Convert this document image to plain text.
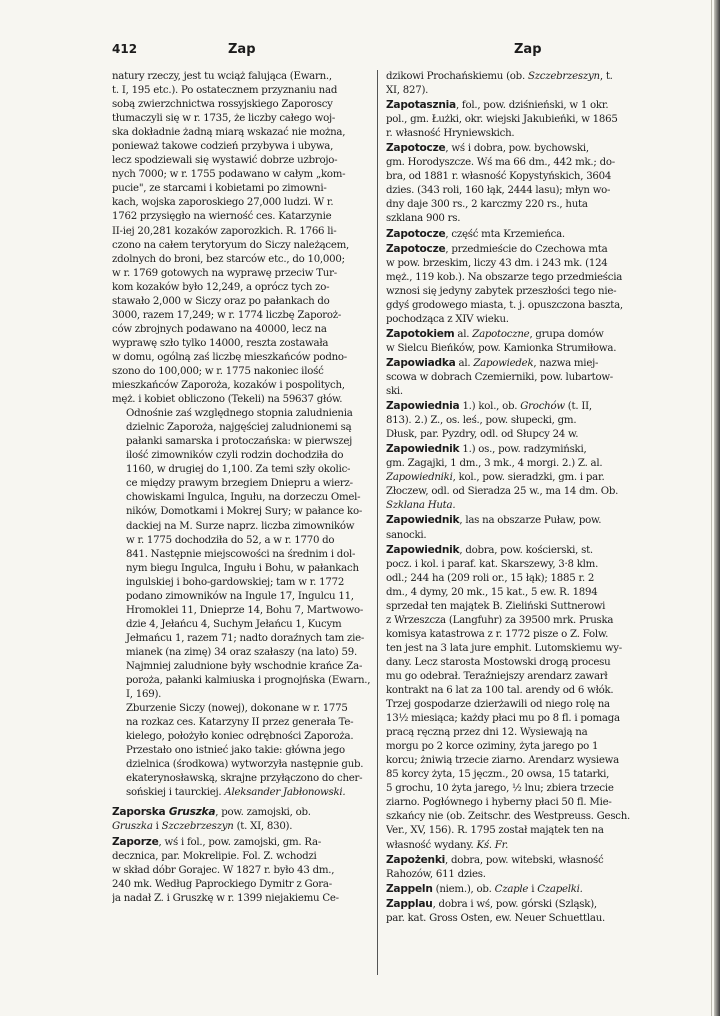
412	Zap	Zap

natury rzeczy, jest tu wciąż falująca (Ewarn.,
t. I, 195 etc.). Po ostatecznem przyznaniu nad
sobą zwierzchnictwa rossyjskiego Zaporoscy
tłumaczyli się w r. 1735, że liczby całego woj-
ska dokładnie żadną miarą wskazać nie można,
ponieważ takowe codzień przybywa i ubywa,
lecz spodziewali się wystawić dobrze uzbrojo-
nych 7000; w r. 1755 podawano w całym „kom-
pucie", ze starcami i kobietami po zimowni-
kach, wojska zaporoskiego 27,000 ludzi. W r.
1762 przysięgło na wierność ces. Katarzynie
II-iej 20,281 kozaków zaporozkich. R. 1766 li-
czono na całem terytoryum do Siczy należącem,
zdolnych do broni, bez starców etc., do 10,000;
w r. 1769 gotowych na wyprawę przeciw Tur-
kom kozaków było 12,249, a oprócz tych zo-
stawało 2,000 w Siczy oraz po pałankach do
3000, razem 17,249; w r. 1774 liczbę Zaporoż-
ców zbrojnych podawano na 40000, lecz na
wyprawę szło tylko 14000, reszta zostawała
w domu, ogólną zaś liczbę mieszkańców podno-
szono do 100,000; w r. 1775 nakoniec ilość
mieszkańców Zaporoża, kozaków i pospolitych,
męż. i kobiet obliczono (Tekeli) na 59637 głów.

Odnośnie zaś względnego stopnia zaludnienia
dzielnic Zaporoża, najgęściej zaludnionemi są
pałanki samarska i protoczańska: w pierwszej
ilość zimowników czyli rodzin dochodziła do
1160, w drugiej do 1,100. Za temi szły okolic-
ce między prawym brzegiem Dniepru a wierz-
chowiskami Ingulca, Ingułu, na dorzeczu Omel-
ników, Domotkami i Mokrej Sury; w pałance ko-
dackiej na M. Surze naprz. liczba zimowników
w r. 1775 dochodziła do 52, a w r. 1770 do
841. Następnie miejscowości na średnim i dol-
nym biegu Ingulca, Ingułu i Bohu, w pałankach
ingulskiej i boho-gardowskiej; tam w r. 1772
podano zimowników na Ingule 17, Ingulcu 11,
Hromoklei 11, Dnieprze 14, Bohu 7, Martwowo-
dzie 4, Jełańcu 4, Suchym Jełańcu 1, Kucym
Jełmańcu 1, razem 71; nadto doraźnych tam zie-
mianek (na zimę) 34 oraz szałaszy (na lato) 59.
Najmniej zaludnione były wschodnie krańce Za-
poroża, pałanki kalmiuska i prognojńska (Ewarn.,
I, 169).

Zburzenie Siczy (nowej), dokonane w r. 1775
na rozkaz ces. Katarzyny II przez generała Te-
kielego, położyło koniec odrębności Zaporoża.
Przestało ono istnieć jako takie: główna jego
dzielnica (środkowa) wytworzyła następnie gub.
ekaterynosławską, skrajne przyłączono do cher-
sońskiej i taurckiej. Aleksander Jabłonowski.

Zaporska Gruszka, pow. zamojski, ob.
Gruszka i Szczebrzeszyn (t. XI, 830).

Zaporze, wś i fol., pow. zamojski, gm. Ra-
decznica, par. Mokrelipie. Fol. Z. wchodzi
w skład dóbr Gorajec. W 1827 r. było 43 dm.,
240 mk. Według Paprockiego Dymitr z Gora-
ja nadał Z. i Gruszkę w r. 1399 niejakiemu Ce-

dzikowi Prochańskiemu (ob. Szczebrzeszyn, t.
XI, 827).

Zapotasznia, fol., pow. dziśnieński, w 1 okr.
pol., gm. Łużki, okr. wiejski Jakubieńki, w 1865
r. własność Hryniewskich.

Zapotocze, wś i dobra, pow. bychowski,
gm. Horodyszcze. Wś ma 66 dm., 442 mk.; do-
bra, od 1881 r. własność Kopystyńskich, 3604
dzies. (343 roli, 160 łąk, 2444 lasu); młyn wo-
dny daje 300 rs., 2 karczmy 220 rs., huta
szklana 900 rs.

Zapotocze, część mta Krzemieńca.

Zapotocze, przedmieście do Czechowa mta
w pow. brzeskim, liczy 43 dm. i 243 mk. (124
męż., 119 kob.). Na obszarze tego przedmieścia
wznosi się jedyny zabytek przeszłości tego nie-
gdyś grodowego miasta, t. j. opuszczona baszta,
pochodząca z XIV wieku.

Zapotokiem al. Zapotoczne, grupa domów
w Sielcu Bieńków, pow. Kamionka Strumiłowa.

Zapowiadka al. Zapowiedek, nazwa miej-
scowa w dobrach Czemierniki, pow. lubartow-
ski.

Zapowiednia 1.) kol., ob. Grochów (t. II,
813). 2.) Z., os. leś., pow. słupecki, gm.
Dłusk, par. Pyzdry, odl. od Słupcy 24 w.

Zapowiednik 1.) os., pow. radzymiński,
gm. Zagajki, 1 dm., 3 mk., 4 morgi. 2.) Z. al.
Zapowiedniki, kol., pow. sieradzki, gm. i par.
Złoczew, odl. od Sieradza 25 w., ma 14 dm. Ob.
Szklana Huta.

Zapowiednik, las na obszarze Puław, pow.
sanocki.

Zapowiednik, dobra, pow. kościerski, st.
pocz. i kol. i paraf. kat. Skarszewy, 3·8 klm.
odl.; 244 ha (209 roli or., 15 łąk); 1885 r. 2
dm., 4 dymy, 20 mk., 15 kat., 5 ew. R. 1894
sprzedał ten majątek B. Zieliński Suttnerowi
z Wrzeszcza (Langfuhr) za 39500 mrk. Pruska
komisya katastrowa z r. 1772 pisze o Z. Folw.
ten jest na 3 lata jure emphit. Lutomskiemu wy-
dany. Lecz starosta Mostowski drogą procesu
mu go odebrał. Teraźniejszy arendarz zawarł
kontrakt na 6 lat za 100 tal. arendy od 6 włók.
Trzej gospodarze dzierżawili od niego rolę na
13½ miesiąca; każdy płaci mu po 8 fl. i pomaga
pracą ręczną przez dni 12. Wysiewają na
morgu po 2 korce oziminy, żyta jarego po 1
korcu; żniwią trzecie ziarno. Arendarz wysiewa
85 korcy żyta, 15 jęczm., 20 owsa, 15 tatarki,
5 grochu, 10 żyta jarego, ½ lnu; zbiera trzecie
ziarno. Pogłównego i hyberny płaci 50 fl. Mie-
szkańcy nie (ob. Zeitschr. des Westpreuss. Gesch.
Ver., XV, 156). R. 1795 został majątek ten na
własność wydany. Kś. Fr.

Zapożenki, dobra, pow. witebski, własność
Rahozów, 611 dzies.

Zappeln (niem.), ob. Czaple i Czapelki.

Zapplau, dobra i wś, pow. górski (Szląsk),
par. kat. Gross Osten, ew. Neuer Schuettlau.
